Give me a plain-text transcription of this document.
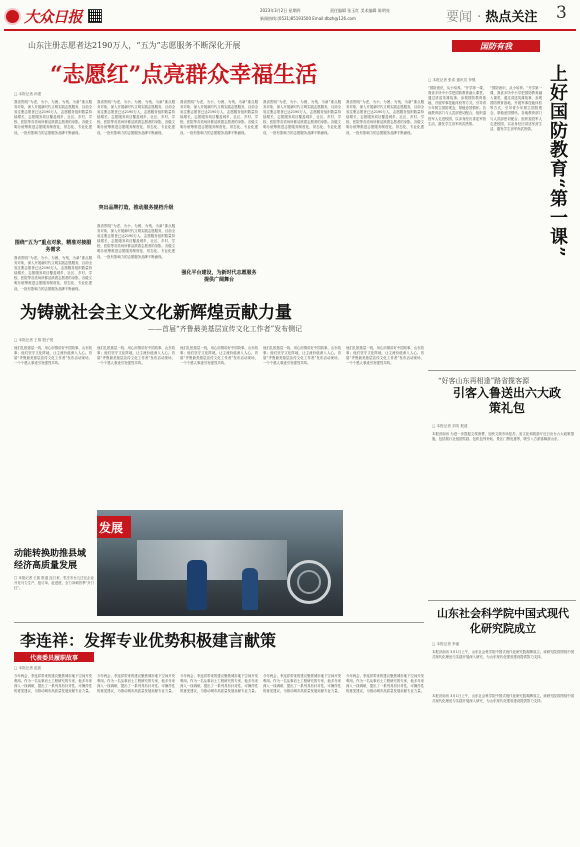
大众日报	2023年3月2日 星期四	责任编辑 张玉红 美术编辑 陈明亮
新闻热线:(0531)85193500 Email:dbzh@126.com	要闻 · 热点关注 3
山东注册志愿者达2190万人，“五为”志愿服务不断深化开展
“志愿红”点亮群众幸福生活
□ 本报记者 孙建
我省围绕“为老、为小、为困、为残、为新”重点服务对象，深入开展新时代文明实践志愿服务，目前全省注册志愿者已达2190万人，志愿服务组织数量持续增长，志愿服务项目覆盖城乡，社区、乡村、学校、医院等各类场所都活跃着志愿者的身影。各级文明办统筹推进志愿服务制度化、常态化、专业化建设，一批有影响力的志愿服务品牌不断涌现。
我省围绕“为老、为小、为困、为残、为新”重点服务对象，深入开展新时代文明实践志愿服务，目前全省注册志愿者已达2190万人，志愿服务组织数量持续增长，志愿服务项目覆盖城乡，社区、乡村、学校、医院等各类场所都活跃着志愿者的身影。各级文明办统筹推进志愿服务制度化、常态化、专业化建设，一批有影响力的志愿服务品牌不断涌现。
我省围绕“为老、为小、为困、为残、为新”重点服务对象，深入开展新时代文明实践志愿服务，目前全省注册志愿者已达2190万人，志愿服务组织数量持续增长，志愿服务项目覆盖城乡，社区、乡村、学校、医院等各类场所都活跃着志愿者的身影。各级文明办统筹推进志愿服务制度化、常态化、专业化建设，一批有影响力的志愿服务品牌不断涌现。
我省围绕“为老、为小、为困、为残、为新”重点服务对象，深入开展新时代文明实践志愿服务，目前全省注册志愿者已达2190万人，志愿服务组织数量持续增长，志愿服务项目覆盖城乡，社区、乡村、学校、医院等各类场所都活跃着志愿者的身影。各级文明办统筹推进志愿服务制度化、常态化、专业化建设，一批有影响力的志愿服务品牌不断涌现。
我省围绕“为老、为小、为困、为残、为新”重点服务对象，深入开展新时代文明实践志愿服务，目前全省注册志愿者已达2190万人，志愿服务组织数量持续增长，志愿服务项目覆盖城乡，社区、乡村、学校、医院等各类场所都活跃着志愿者的身影。各级文明办统筹推进志愿服务制度化、常态化、专业化建设，一批有影响力的志愿服务品牌不断涌现。
围绕“五为”重点对象，精准对接服务需求
我省围绕“为老、为小、为困、为残、为新”重点服务对象，深入开展新时代文明实践志愿服务，目前全省注册志愿者已达2190万人，志愿服务组织数量持续增长，志愿服务项目覆盖城乡，社区、乡村、学校、医院等各类场所都活跃着志愿者的身影。各级文明办统筹推进志愿服务制度化、常态化、专业化建设，一批有影响力的志愿服务品牌不断涌现。
突出品牌打造，推动服务提档升级
我省围绕“为老、为小、为困、为残、为新”重点服务对象，深入开展新时代文明实践志愿服务，目前全省注册志愿者已达2190万人，志愿服务组织数量持续增长，志愿服务项目覆盖城乡，社区、乡村、学校、医院等各类场所都活跃着志愿者的身影。各级文明办统筹推进志愿服务制度化、常态化、专业化建设，一批有影响力的志愿服务品牌不断涌现。
强化平台建设，为新时代志愿服务提供广阔舞台
国防有我
上好国防教育“第一课”
□ 本报记者 张希 通讯员 李强
“国防意识，从小培养。”开学第一课，我省多所中小学把国防教育融入课堂，通过讲述英雄故事、参观国防教育基地、开展军事技能体验等方式，引导青少年树立国防观念，厚植爱国情怀。各地教育部门与人武部密切配合，组织退役军人走进校园，以亲身经历讲述军营生活，激发学生崇军尚武热情。
“国防意识，从小培养。”开学第一课，我省多所中小学把国防教育融入课堂，通过讲述英雄故事、参观国防教育基地、开展军事技能体验等方式，引导青少年树立国防观念，厚植爱国情怀。各地教育部门与人武部密切配合，组织退役军人走进校园，以亲身经历讲述军营生活，激发学生崇军尚武热情。
为铸就社会主义文化新辉煌贡献力量
——首届“齐鲁最美基层宣传文化工作者”发布侧记
□ 本报记者 王翔 殷子悦
他们扎根基层一线，用心用情讲好中国故事、山东故事；他们坚守文化阵地，让主流价值深入人心。首届“齐鲁最美基层宣传文化工作者”发布活动现场，一个个感人事迹引发强烈共鸣。
他们扎根基层一线，用心用情讲好中国故事、山东故事；他们坚守文化阵地，让主流价值深入人心。首届“齐鲁最美基层宣传文化工作者”发布活动现场，一个个感人事迹引发强烈共鸣。
他们扎根基层一线，用心用情讲好中国故事、山东故事；他们坚守文化阵地，让主流价值深入人心。首届“齐鲁最美基层宣传文化工作者”发布活动现场，一个个感人事迹引发强烈共鸣。
他们扎根基层一线，用心用情讲好中国故事、山东故事；他们坚守文化阵地，让主流价值深入人心。首届“齐鲁最美基层宣传文化工作者”发布活动现场，一个个感人事迹引发强烈共鸣。
他们扎根基层一线，用心用情讲好中国故事、山东故事；他们坚守文化阵地，让主流价值深入人心。首届“齐鲁最美基层宣传文化工作者”发布活动现场，一个个感人事迹引发强烈共鸣。
“好客山东再相逢”路省揽客源
引客入鲁送出六大政策礼包
□ 本报记者 刘英 报道
本报济南讯 为进一步提振文旅消费，加快文旅市场复苏，省文化和旅游厅近日出台六大政策措施，包括旅行社组团奖励、包机包列补贴、景区门票优惠等，吸引八方游客畅游山东。
发展
动能转换助推县域经济高质量发展
□ 本报记者 王凯 报道 连日来，枣庄市台儿庄区企业开足马力生产，抢订单、赶进度，全力冲刺首季“开门红”。
山东社会科学院中国式现代化研究院成立
□ 本报记者 李丽
本报济南讯 3月1日上午，山东社会科学院中国式现代化研究院揭牌成立。该研究院将围绕中国式现代化理论与实践开展深入研究，为山东现代化强省建设提供智力支持。
李连祥：发挥专业优势积极建言献策
代表委员履职故事
□ 本报记者 赵凯
今年两会，李连祥带来的建议聚焦城市地下空间开发利用。作为一名从事岩土工程研究的专家，他多年来深入一线调研，提出了一系列具有针对性、可操作性的意见建议，为推动城市高质量发展贡献专业力量。
今年两会，李连祥带来的建议聚焦城市地下空间开发利用。作为一名从事岩土工程研究的专家，他多年来深入一线调研，提出了一系列具有针对性、可操作性的意见建议，为推动城市高质量发展贡献专业力量。
今年两会，李连祥带来的建议聚焦城市地下空间开发利用。作为一名从事岩土工程研究的专家，他多年来深入一线调研，提出了一系列具有针对性、可操作性的意见建议，为推动城市高质量发展贡献专业力量。
今年两会，李连祥带来的建议聚焦城市地下空间开发利用。作为一名从事岩土工程研究的专家，他多年来深入一线调研，提出了一系列具有针对性、可操作性的意见建议，为推动城市高质量发展贡献专业力量。
今年两会，李连祥带来的建议聚焦城市地下空间开发利用。作为一名从事岩土工程研究的专家，他多年来深入一线调研，提出了一系列具有针对性、可操作性的意见建议，为推动城市高质量发展贡献专业力量。
本报济南讯 3月1日上午，山东社会科学院中国式现代化研究院揭牌成立。该研究院将围绕中国式现代化理论与实践开展深入研究，为山东现代化强省建设提供智力支持。
